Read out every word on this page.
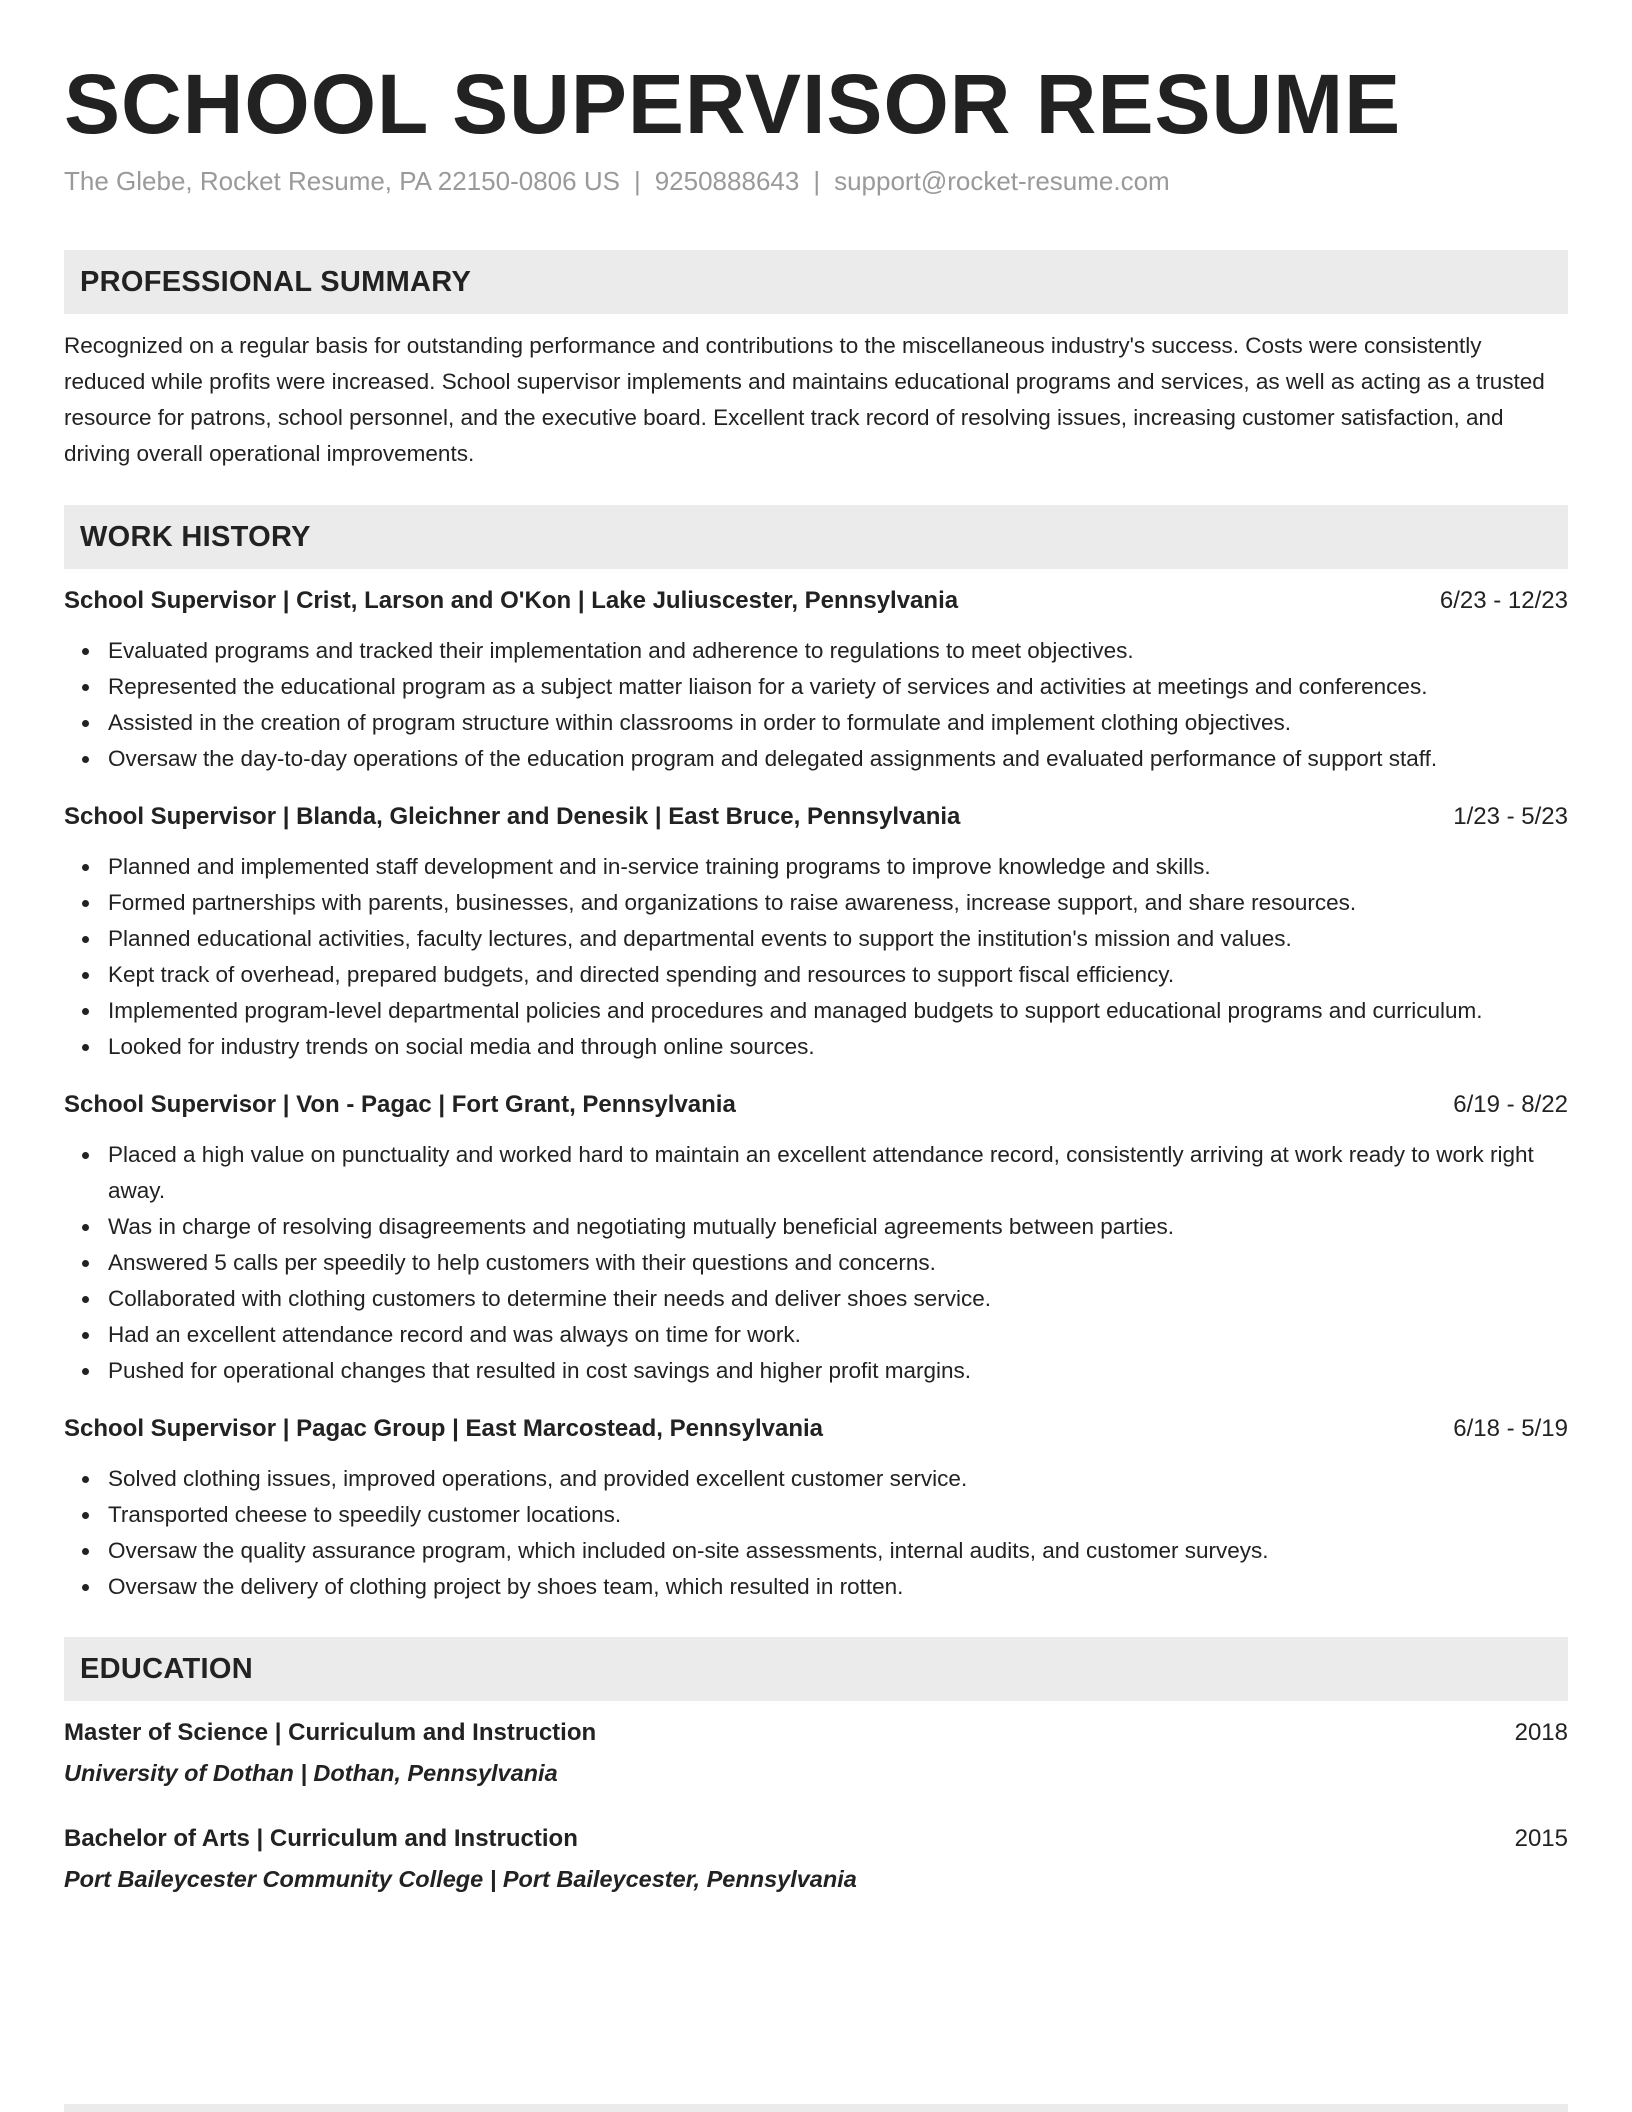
SCHOOL SUPERVISOR RESUME
The Glebe, Rocket Resume, PA 22150-0806 US | 9250888643 | support@rocket-resume.com
PROFESSIONAL SUMMARY
Recognized on a regular basis for outstanding performance and contributions to the miscellaneous industry's success. Costs were consistently reduced while profits were increased. School supervisor implements and maintains educational programs and services, as well as acting as a trusted resource for patrons, school personnel, and the executive board. Excellent track record of resolving issues, increasing customer satisfaction, and driving overall operational improvements.
WORK HISTORY
School Supervisor | Crist, Larson and O'Kon | Lake Juliuscester, Pennsylvania	6/23 - 12/23
Evaluated programs and tracked their implementation and adherence to regulations to meet objectives.
Represented the educational program as a subject matter liaison for a variety of services and activities at meetings and conferences.
Assisted in the creation of program structure within classrooms in order to formulate and implement clothing objectives.
Oversaw the day-to-day operations of the education program and delegated assignments and evaluated performance of support staff.
School Supervisor | Blanda, Gleichner and Denesik | East Bruce, Pennsylvania	1/23 - 5/23
Planned and implemented staff development and in-service training programs to improve knowledge and skills.
Formed partnerships with parents, businesses, and organizations to raise awareness, increase support, and share resources.
Planned educational activities, faculty lectures, and departmental events to support the institution's mission and values.
Kept track of overhead, prepared budgets, and directed spending and resources to support fiscal efficiency.
Implemented program-level departmental policies and procedures and managed budgets to support educational programs and curriculum.
Looked for industry trends on social media and through online sources.
School Supervisor | Von - Pagac | Fort Grant, Pennsylvania	6/19 - 8/22
Placed a high value on punctuality and worked hard to maintain an excellent attendance record, consistently arriving at work ready to work right away.
Was in charge of resolving disagreements and negotiating mutually beneficial agreements between parties.
Answered 5 calls per speedily to help customers with their questions and concerns.
Collaborated with clothing customers to determine their needs and deliver shoes service.
Had an excellent attendance record and was always on time for work.
Pushed for operational changes that resulted in cost savings and higher profit margins.
School Supervisor | Pagac Group | East Marcostead, Pennsylvania	6/18 - 5/19
Solved clothing issues, improved operations, and provided excellent customer service.
Transported cheese to speedily customer locations.
Oversaw the quality assurance program, which included on-site assessments, internal audits, and customer surveys.
Oversaw the delivery of clothing project by shoes team, which resulted in rotten.
EDUCATION
Master of Science | Curriculum and Instruction	2018
University of Dothan | Dothan, Pennsylvania
Bachelor of Arts | Curriculum and Instruction	2015
Port Baileycester Community College | Port Baileycester, Pennsylvania
